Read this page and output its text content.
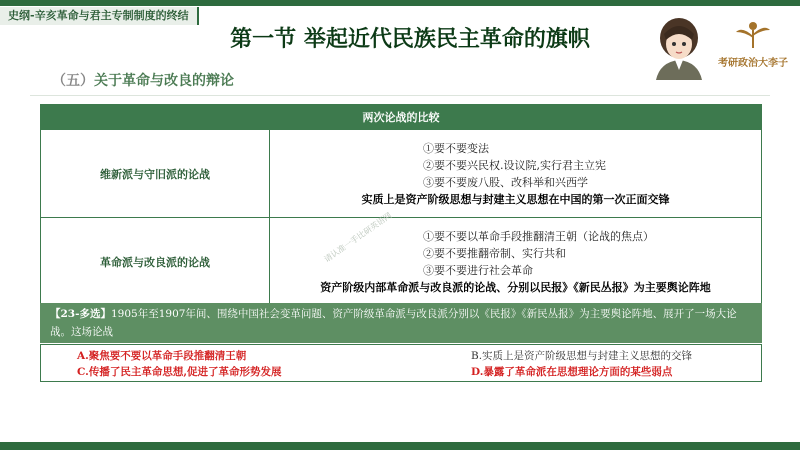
史纲-辛亥革命与君主专制制度的终结
第一节 举起近代民族民主革命的旗帜
考研政治大李子
（五）关于革命与改良的辩论
两次论战的比较	
维新派与守旧派的论战	①要不要变法
②要不要兴民权.设议院,实行君主立宪
③要不要废八股、改科举和兴西学
实质上是资产阶级思想与封建主义思想在中国的第一次正面交锋

革命派与改良派的论战	①要不要以革命手段推翻清王朝（论战的焦点）
②要不要推翻帝制、实行共和
③要不要进行社会革命
资产阶级内部革命派与改良派的论战、分别以民报》《新民丛报》为主要舆论阵地
请认准一手比研英语网
【23-多选】1905年至1907年间、围绕中国社会变革问题、资产阶级革命派与改良派分别以《民报》《新民丛报》为主要舆论阵地、展开了一场大论战。这场论战
A.聚焦要不要以革命手段推翻清王朝	B.实质上是资产阶级思想与封建主义思想的交锋
C.传播了民主革命思想,促进了革命形势发展	D.暴露了革命派在思想理论方面的某些弱点
